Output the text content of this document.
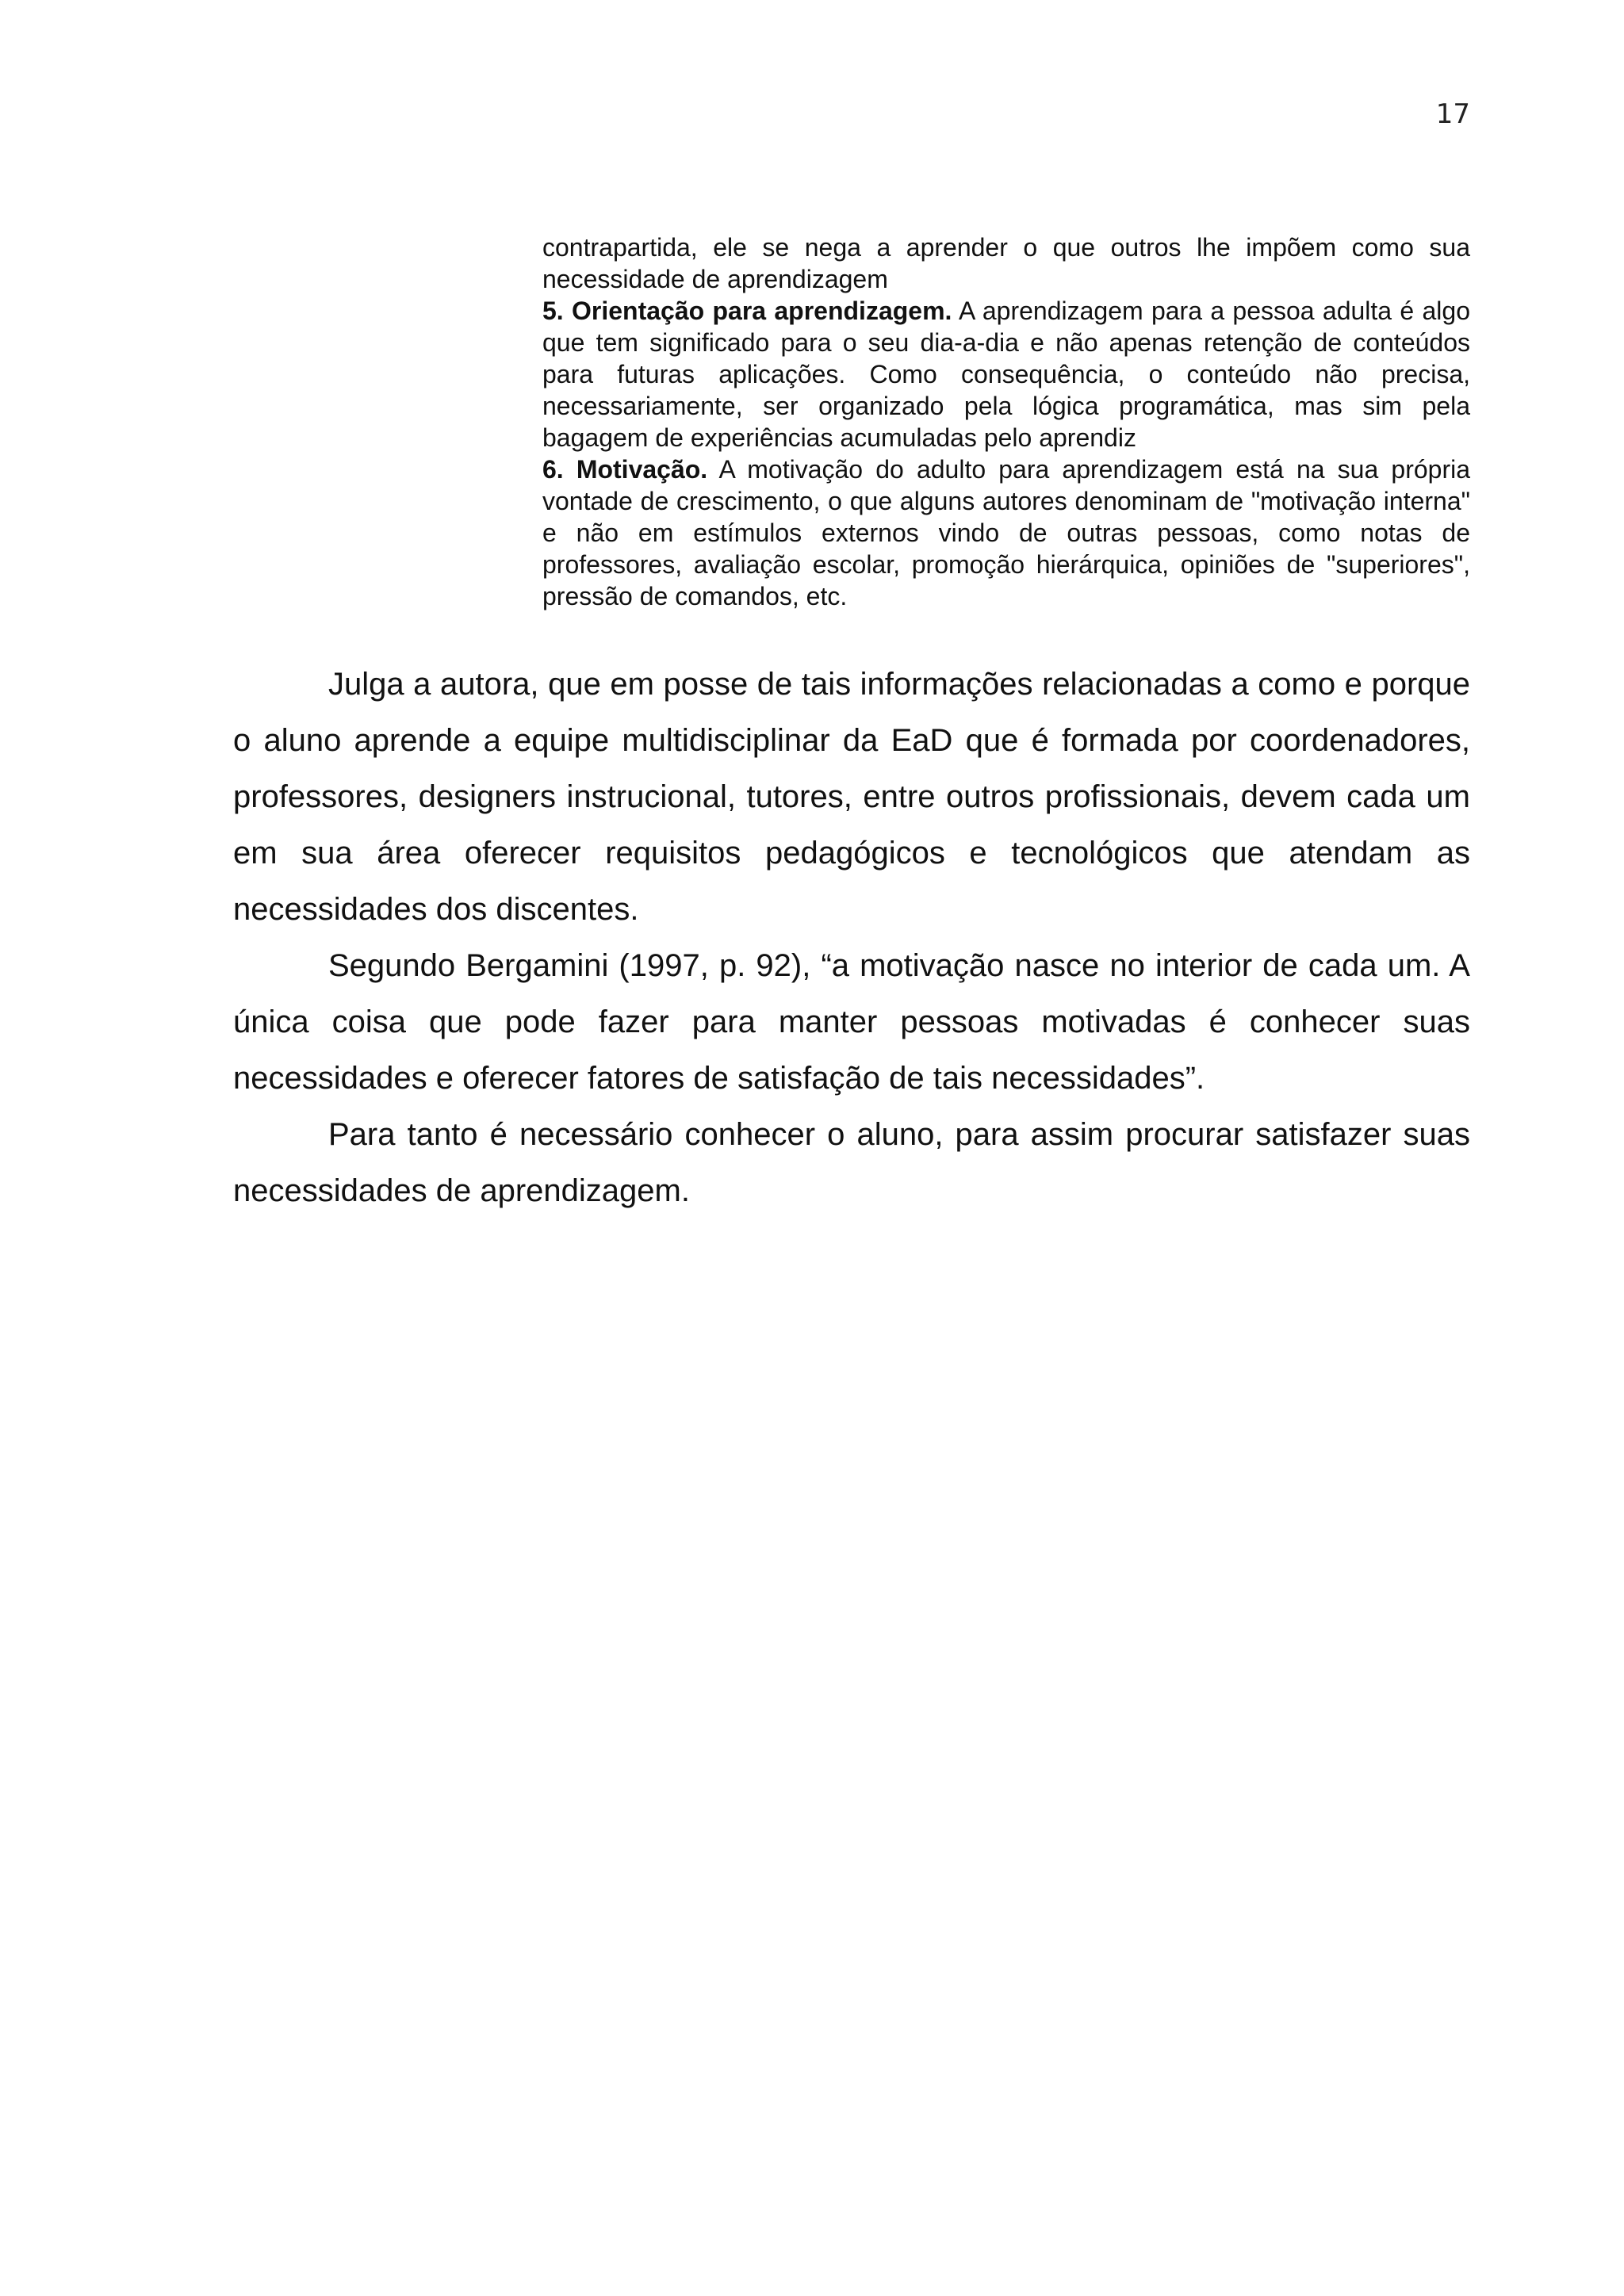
17

contrapartida, ele se nega a aprender o que outros lhe impõem como sua necessidade de aprendizagem

5. Orientação para aprendizagem. A aprendizagem para a pessoa adulta é algo que tem significado para o seu dia-a-dia e não apenas retenção de conteúdos para futuras aplicações. Como consequência, o conteúdo não precisa, necessariamente, ser organizado pela lógica programática, mas sim pela bagagem de experiências acumuladas pelo aprendiz

6. Motivação. A motivação do adulto para aprendizagem está na sua própria vontade de crescimento, o que alguns autores denominam de "motivação interna" e não em estímulos externos vindo de outras pessoas, como notas de professores, avaliação escolar, promoção hierárquica, opiniões de "superiores", pressão de comandos, etc.

Julga a autora, que em posse de tais informações relacionadas a como e porque o aluno aprende a equipe multidisciplinar da EaD que é formada por coordenadores, professores, designers instrucional, tutores, entre outros profissionais, devem cada um em sua área oferecer requisitos pedagógicos e tecnológicos que atendam as necessidades dos discentes.

Segundo Bergamini (1997, p. 92), “a motivação nasce no interior de cada um. A única coisa que pode fazer para manter pessoas motivadas é conhecer suas necessidades e oferecer fatores de satisfação de tais necessidades”.

Para tanto é necessário conhecer o aluno, para assim procurar satisfazer suas necessidades de aprendizagem.
